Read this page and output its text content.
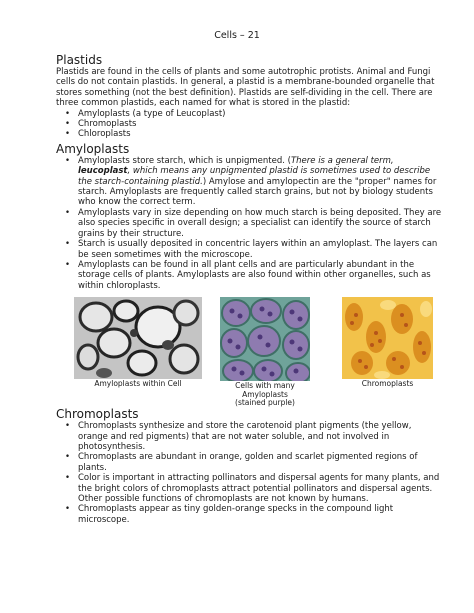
Cells – 21
Plastids

Plastids are found in the cells of plants and some autotrophic protists. Animal and Fungi cells do not contain plastids. In general, a plastid is a membrane-bounded organelle that stores something (not the best definition). Plastids are self-dividing in the cell. There are three common plastids, each named for what is stored in the plastid:

• Amyloplasts (a type of Leucoplast)
• Chromoplasts
• Chloroplasts
Amyloplasts
• Amyloplasts store starch, which is unpigmented. (There is a general term, leucoplast, which means any unpigmented plastid is sometimes used to describe the starch-containing plastid.) Amylose and amylopectin are the "proper" names for starch. Amyloplasts are frequently called starch grains, but not by biology students who know the correct term.
• Amyloplasts vary in size depending on how much starch is being deposited. They are also species specific in overall design; a specialist can identify the source of starch grains by their structure.
• Starch is usually deposited in concentric layers within an amyloplast. The layers can be seen sometimes with the microscope.
• Amyloplasts can be found in all plant cells and are particularly abundant in the storage cells of plants. Amyloplasts are also found within other organelles, such as within chloroplasts.
Amyloplasts within Cell	Cells with many Amyloplasts
(stained purple)
Chromoplasts
Chromoplasts
• Chromoplasts synthesize and store the carotenoid plant pigments (the yellow, orange and red pigments) that are not water soluble, and not involved in photosynthesis.
• Chromoplasts are abundant in orange, golden and scarlet pigmented regions of plants.
• Color is important in attracting pollinators and dispersal agents for many plants, and the bright colors of chromoplasts attract potential pollinators and dispersal agents. Other possible functions of chromoplasts are not known by humans.
• Chromoplasts appear as tiny golden-orange specks in the compound light microscope.
